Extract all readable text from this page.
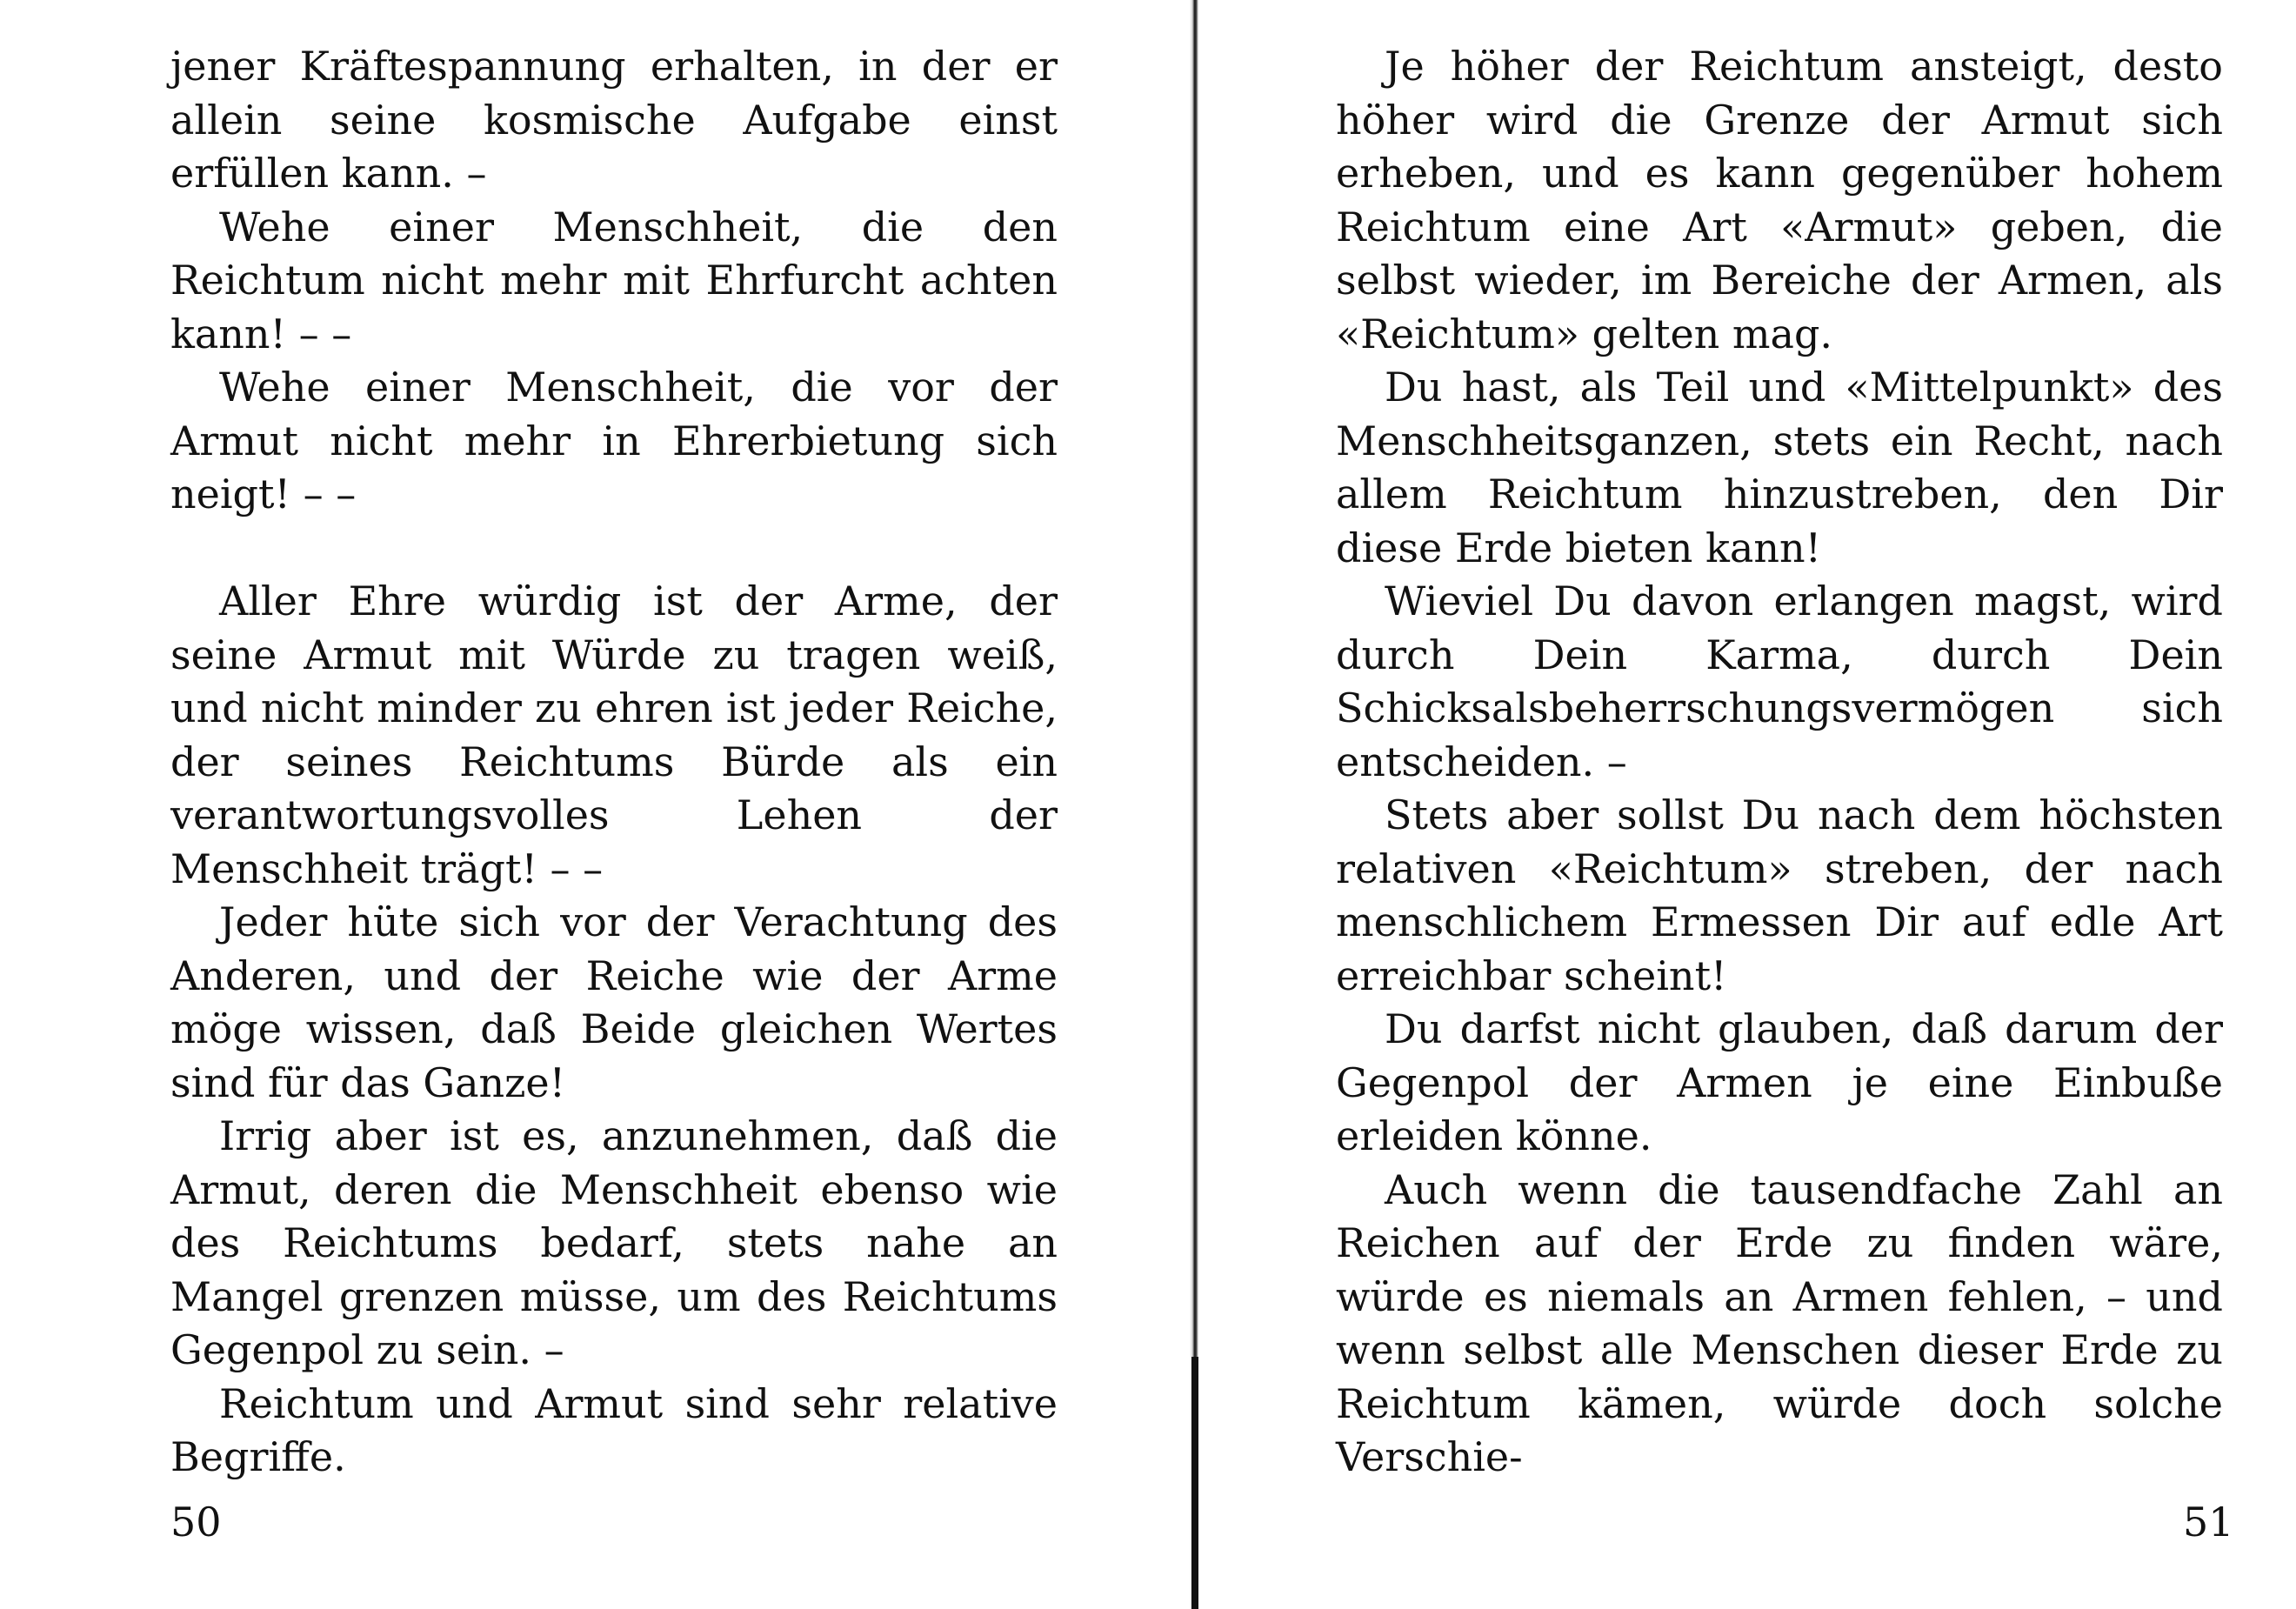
jener Kräftespannung erhalten, in der er allein seine kosmische Aufgabe einst erfüllen kann. –

Wehe einer Menschheit, die den Reichtum nicht mehr mit Ehrfurcht achten kann! – –

Wehe einer Menschheit, die vor der Armut nicht mehr in Ehrerbietung sich neigt! – –

Aller Ehre würdig ist der Arme, der seine Armut mit Würde zu tragen weiß, und nicht minder zu ehren ist jeder Reiche, der seines Reichtums Bürde als ein verantwortungsvolles Lehen der Menschheit trägt! – –

Jeder hüte sich vor der Verachtung des Anderen, und der Reiche wie der Arme möge wissen, daß Beide gleichen Wertes sind für das Ganze!

Irrig aber ist es, anzunehmen, daß die Armut, deren die Menschheit ebenso wie des Reichtums bedarf, stets nahe an Mangel grenzen müsse, um des Reichtums Gegenpol zu sein. –

Reichtum und Armut sind sehr relative Begriffe.

50

Je höher der Reichtum ansteigt, desto höher wird die Grenze der Armut sich erheben, und es kann gegenüber hohem Reichtum eine Art «Armut» geben, die selbst wieder, im Bereiche der Armen, als «Reichtum» gelten mag.

Du hast, als Teil und «Mittelpunkt» des Menschheitsganzen, stets ein Recht, nach allem Reichtum hinzustreben, den Dir diese Erde bieten kann!

Wieviel Du davon erlangen magst, wird durch Dein Karma, durch Dein Schicksalsbeherrschungsvermögen sich entscheiden. –

Stets aber sollst Du nach dem höchsten relativen «Reichtum» streben, der nach menschlichem Ermessen Dir auf edle Art erreichbar scheint!

Du darfst nicht glauben, daß darum der Gegenpol der Armen je eine Einbuße erleiden könne.

Auch wenn die tausendfache Zahl an Reichen auf der Erde zu finden wäre, würde es niemals an Armen fehlen, – und wenn selbst alle Menschen dieser Erde zu Reichtum kämen, würde doch solche Verschie-

51
